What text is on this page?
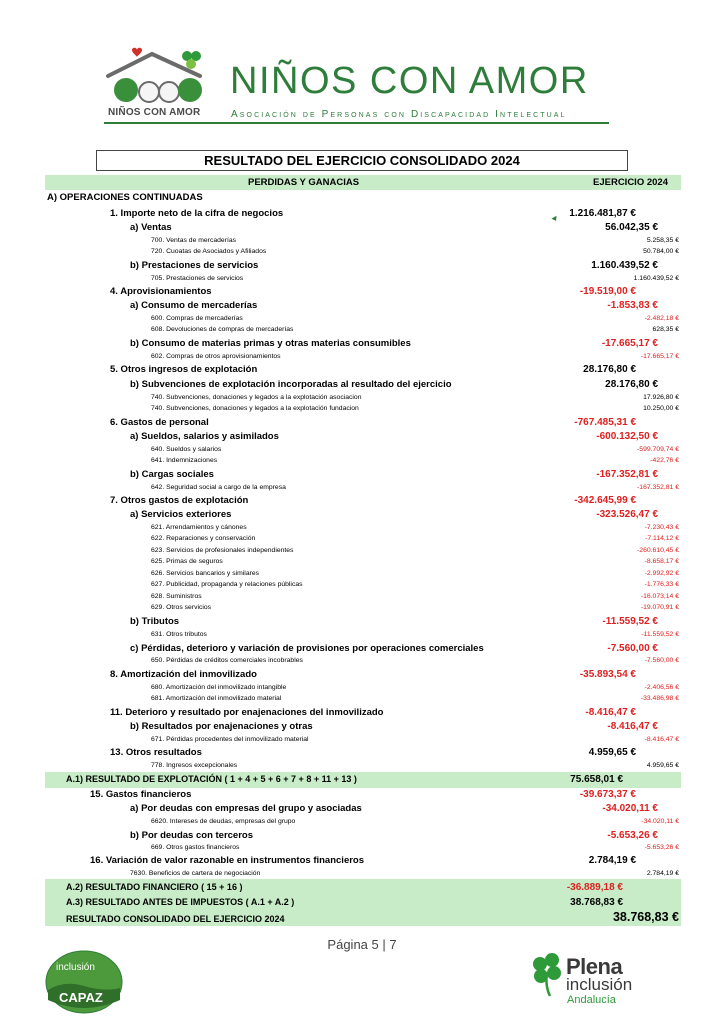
NIÑOS CON AMOR
NIÑOS CON AMOR
Asociación de Personas con Discapacidad Intelectual
RESULTADO DEL EJERCICIO CONSOLIDADO 2024
PERDIDAS Y GANACIAS	EJERCICIO 2024
A) OPERACIONES CONTINUADAS
1. Importe neto de la cifra de negocios	1.216.481,87 €
a) Ventas	56.042,35 €
700. Ventas de mercaderías	5.258,35 €
720. Cuoatas de Asociados y Afiliados	50.784,00 €
b) Prestaciones de servicios	1.160.439,52 €
705. Prestaciones de servicios	1.160.439,52 €
4. Aprovisionamientos	-19.519,00 €
a) Consumo de mercaderías	-1.853,83 €
600. Compras de mercaderías	-2.482,18 €
608. Devoluciones de compras de mercaderías	628,35 €
b) Consumo de materias primas y otras materias consumibles	-17.665,17 €
602. Compras de otros aprovisionamientos	-17.665,17 €
5. Otros ingresos de explotación	28.176,80 €
b) Subvenciones de explotación incorporadas al resultado del ejercicio	28.176,80 €
740. Subvenciones, donaciones y legados a la explotación asociacion	17.926,80 €
740. Subvenciones, donaciones y legados a la explotación fundacion	10.250,00 €
6. Gastos de personal	-767.485,31 €
a) Sueldos, salarios y asimilados	-600.132,50 €
640. Sueldos y salarios	-599.709,74 €
641. Indemnizaciones	-422,76 €
b) Cargas sociales	-167.352,81 €
642. Seguridad social a cargo de la empresa	-167.352,81 €
7. Otros gastos de explotación	-342.645,99 €
a) Servicios exteriores	-323.526,47 €
621. Arrendamientos y cánones	-7.230,43 €
622. Reparaciones y conservación	-7.114,12 €
623. Servicios de profesionales independientes	-260.610,45 €
625. Primas de seguros	-8.658,17 €
626. Servicios bancarios y similares	-2.992,92 €
627. Publicidad, propaganda y relaciones públicas	-1.776,33 €
628. Suministros	-16.073,14 €
629. Otros servicios	-19.070,91 €
b) Tributos	-11.559,52 €
631. Otros tributos	-11.559,52 €
c) Pérdidas, deterioro y variación de provisiones por operaciones comerciales	-7.560,00 €
650. Pérdidas de créditos comerciales incobrables	-7.560,00 €
8. Amortización del inmovilizado	-35.893,54 €
680. Amortización del inmovilizado intangible	-2.406,56 €
681. Amortización del inmovilizado material	-33.486,98 €
11. Deterioro y resultado por enajenaciones del inmovilizado	-8.416,47 €
b) Resultados por enajenaciones y otras	-8.416,47 €
671. Pérdidas procedentes del inmovilizado material	-8.416,47 €
13. Otros resultados	4.959,65 €
778. Ingresos excepcionales	4.959,65 €
A.1) RESULTADO DE EXPLOTACIÓN ( 1 + 4 + 5 + 6 + 7 + 8 + 11 + 13 )	75.658,01 €
15. Gastos financieros	-39.673,37 €
a) Por deudas con empresas del grupo y asociadas	-34.020,11 €
6620. Intereses de deudas, empresas del grupo	-34.020,11 €
b) Por deudas con terceros	-5.653,26 €
669. Otros gastos financieros	-5.653,26 €
16. Variación de valor razonable en instrumentos financieros	2.784,19 €
7630. Beneficios de cartera de negociación	2.784,19 €
A.2) RESULTADO FINANCIERO ( 15 + 16 )	-36.889,18 €
A.3) RESULTADO ANTES DE IMPUESTOS ( A.1 + A.2 )	38.768,83 €
RESULTADO CONSOLIDADO DEL EJERCICIO 2024	38.768,83 €
Página 5 | 7
inclusión
CAPAZ
Plena
inclusión
Andalucía
